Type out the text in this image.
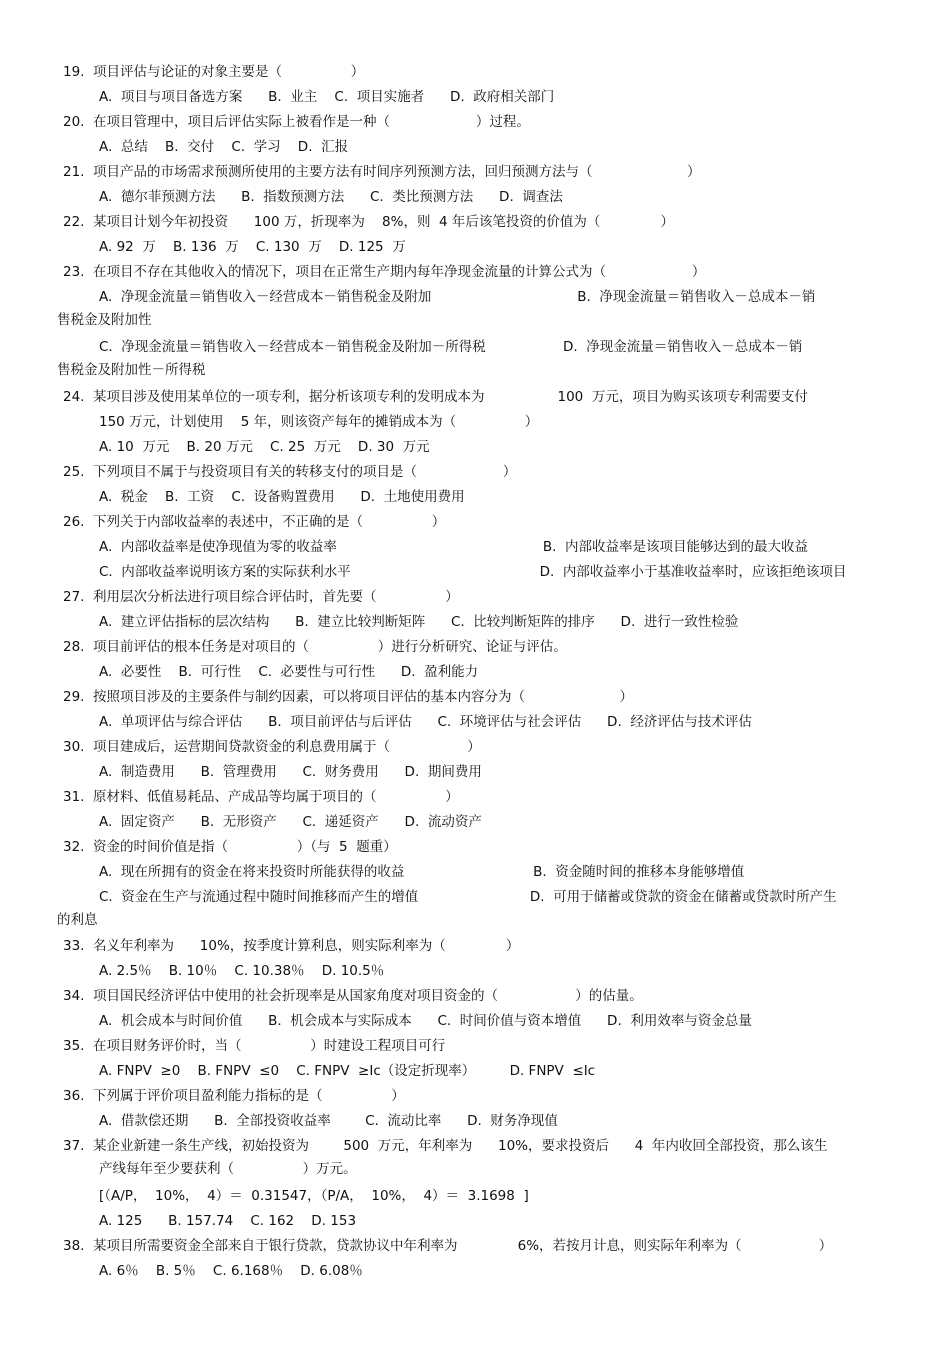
19.  项目评估与论证的对象主要是（                ）
A.  项目与项目备选方案      B.  业主    C.  项目实施者      D.  政府相关部门
20.  在项目管理中，项目后评估实际上被看作是一种（                    ）过程。
A.  总结    B.  交付    C.  学习    D.  汇报
21.  项目产品的市场需求预测所使用的主要方法有时间序列预测方法，回归预测方法与（                      ）
A.  德尔菲预测方法      B.  指数预测方法      C.  类比预测方法      D.  调查法
22.  某项目计划今年初投资      100 万，折现率为    8%，则  4 年后该笔投资的价值为（              ）
A. 92  万    B. 136  万    C. 130  万    D. 125  万
23.  在项目不存在其他收入的情况下，项目在正常生产期内每年净现金流量的计算公式为（                    ）
A.  净现金流量＝销售收入－经营成本－销售税金及附加                                  B.  净现金流量＝销售收入－总成本－销
售税金及附加性
C.  净现金流量＝销售收入－经营成本－销售税金及附加－所得税                  D.  净现金流量＝销售收入－总成本－销
售税金及附加性－所得税
24.  某项目涉及使用某单位的一项专利，据分析该项专利的发明成本为                 100  万元，项目为购买该项专利需要支付
150 万元，计划使用    5 年，则该资产每年的摊销成本为（                ）
A. 10  万元    B. 20 万元    C. 25  万元    D. 30  万元
25.  下列项目不属于与投资项目有关的转移支付的项目是（                    ）
A.  税金    B.  工资    C.  设备购置费用      D.  土地使用费用
26.  下列关于内部收益率的表述中，不正确的是（                ）
A.  内部收益率是使净现值为零的收益率                                                B.  内部收益率是该项目能够达到的最大收益
C.  内部收益率说明该方案的实际获利水平                                            D.  内部收益率小于基准收益率时，应该拒绝该项目
27.  利用层次分析法进行项目综合评估时，首先要（                ）
A.  建立评估指标的层次结构      B.  建立比较判断矩阵      C.  比较判断矩阵的排序      D.  进行一致性检验
28.  项目前评估的根本任务是对项目的（                ）进行分析研究、论证与评估。
A.  必要性    B.  可行性    C.  必要性与可行性      D.  盈利能力
29.  按照项目涉及的主要条件与制约因素，可以将项目评估的基本内容分为（                      ）
A.  单项评估与综合评估      B.  项目前评估与后评估      C.  环境评估与社会评估      D.  经济评估与技术评估
30.  项目建成后，运营期间贷款资金的利息费用属于（                  ）
A.  制造费用      B.  管理费用      C.  财务费用      D.  期间费用
31.  原材料、低值易耗品、产成品等均属于项目的（                ）
A.  固定资产      B.  无形资产      C.  递延资产      D.  流动资产
32.  资金的时间价值是指（                ）（与  5  题重）
A.  现在所拥有的资金在将来投资时所能获得的收益                              B.  资金随时间的推移本身能够增值
C.  资金在生产与流通过程中随时间推移而产生的增值                          D.  可用于储蓄或贷款的资金在储蓄或贷款时所产生
的利息
33.  名义年利率为      10%，按季度计算利息，则实际利率为（              ）
A. 2.5％    B. 10％    C. 10.38％    D. 10.5％
34.  项目国民经济评估中使用的社会折现率是从国家角度对项目资金的（                  ）的估量。
A.  机会成本与时间价值      B.  机会成本与实际成本      C.  时间价值与资本增值      D.  利用效率与资金总量
35.  在项目财务评价时，当（                ）时建设工程项目可行
A. FNPV  ≥0    B. FNPV  ≤0    C. FNPV  ≥Ic（设定折现率）        D. FNPV  ≤Ic
36.  下列属于评价项目盈利能力指标的是（                ）
A.  借款偿还期      B.  全部投资收益率        C.  流动比率      D.  财务净现值
37.  某企业新建一条生产线，初始投资为        500  万元，年利率为      10%，要求投资后      4  年内收回全部投资，那么该生
产线每年至少要获利（                ）万元。
[（A/P，  10%，  4）＝  0.31547，（P/A，  10%，  4）＝  3.1698  ]
A. 125      B. 157.74    C. 162    D. 153
38.  某项目所需要资金全部来自于银行贷款，贷款协议中年利率为              6%，若按月计息，则实际年利率为（                  ）
A. 6％    B. 5％    C. 6.168％    D. 6.08％
